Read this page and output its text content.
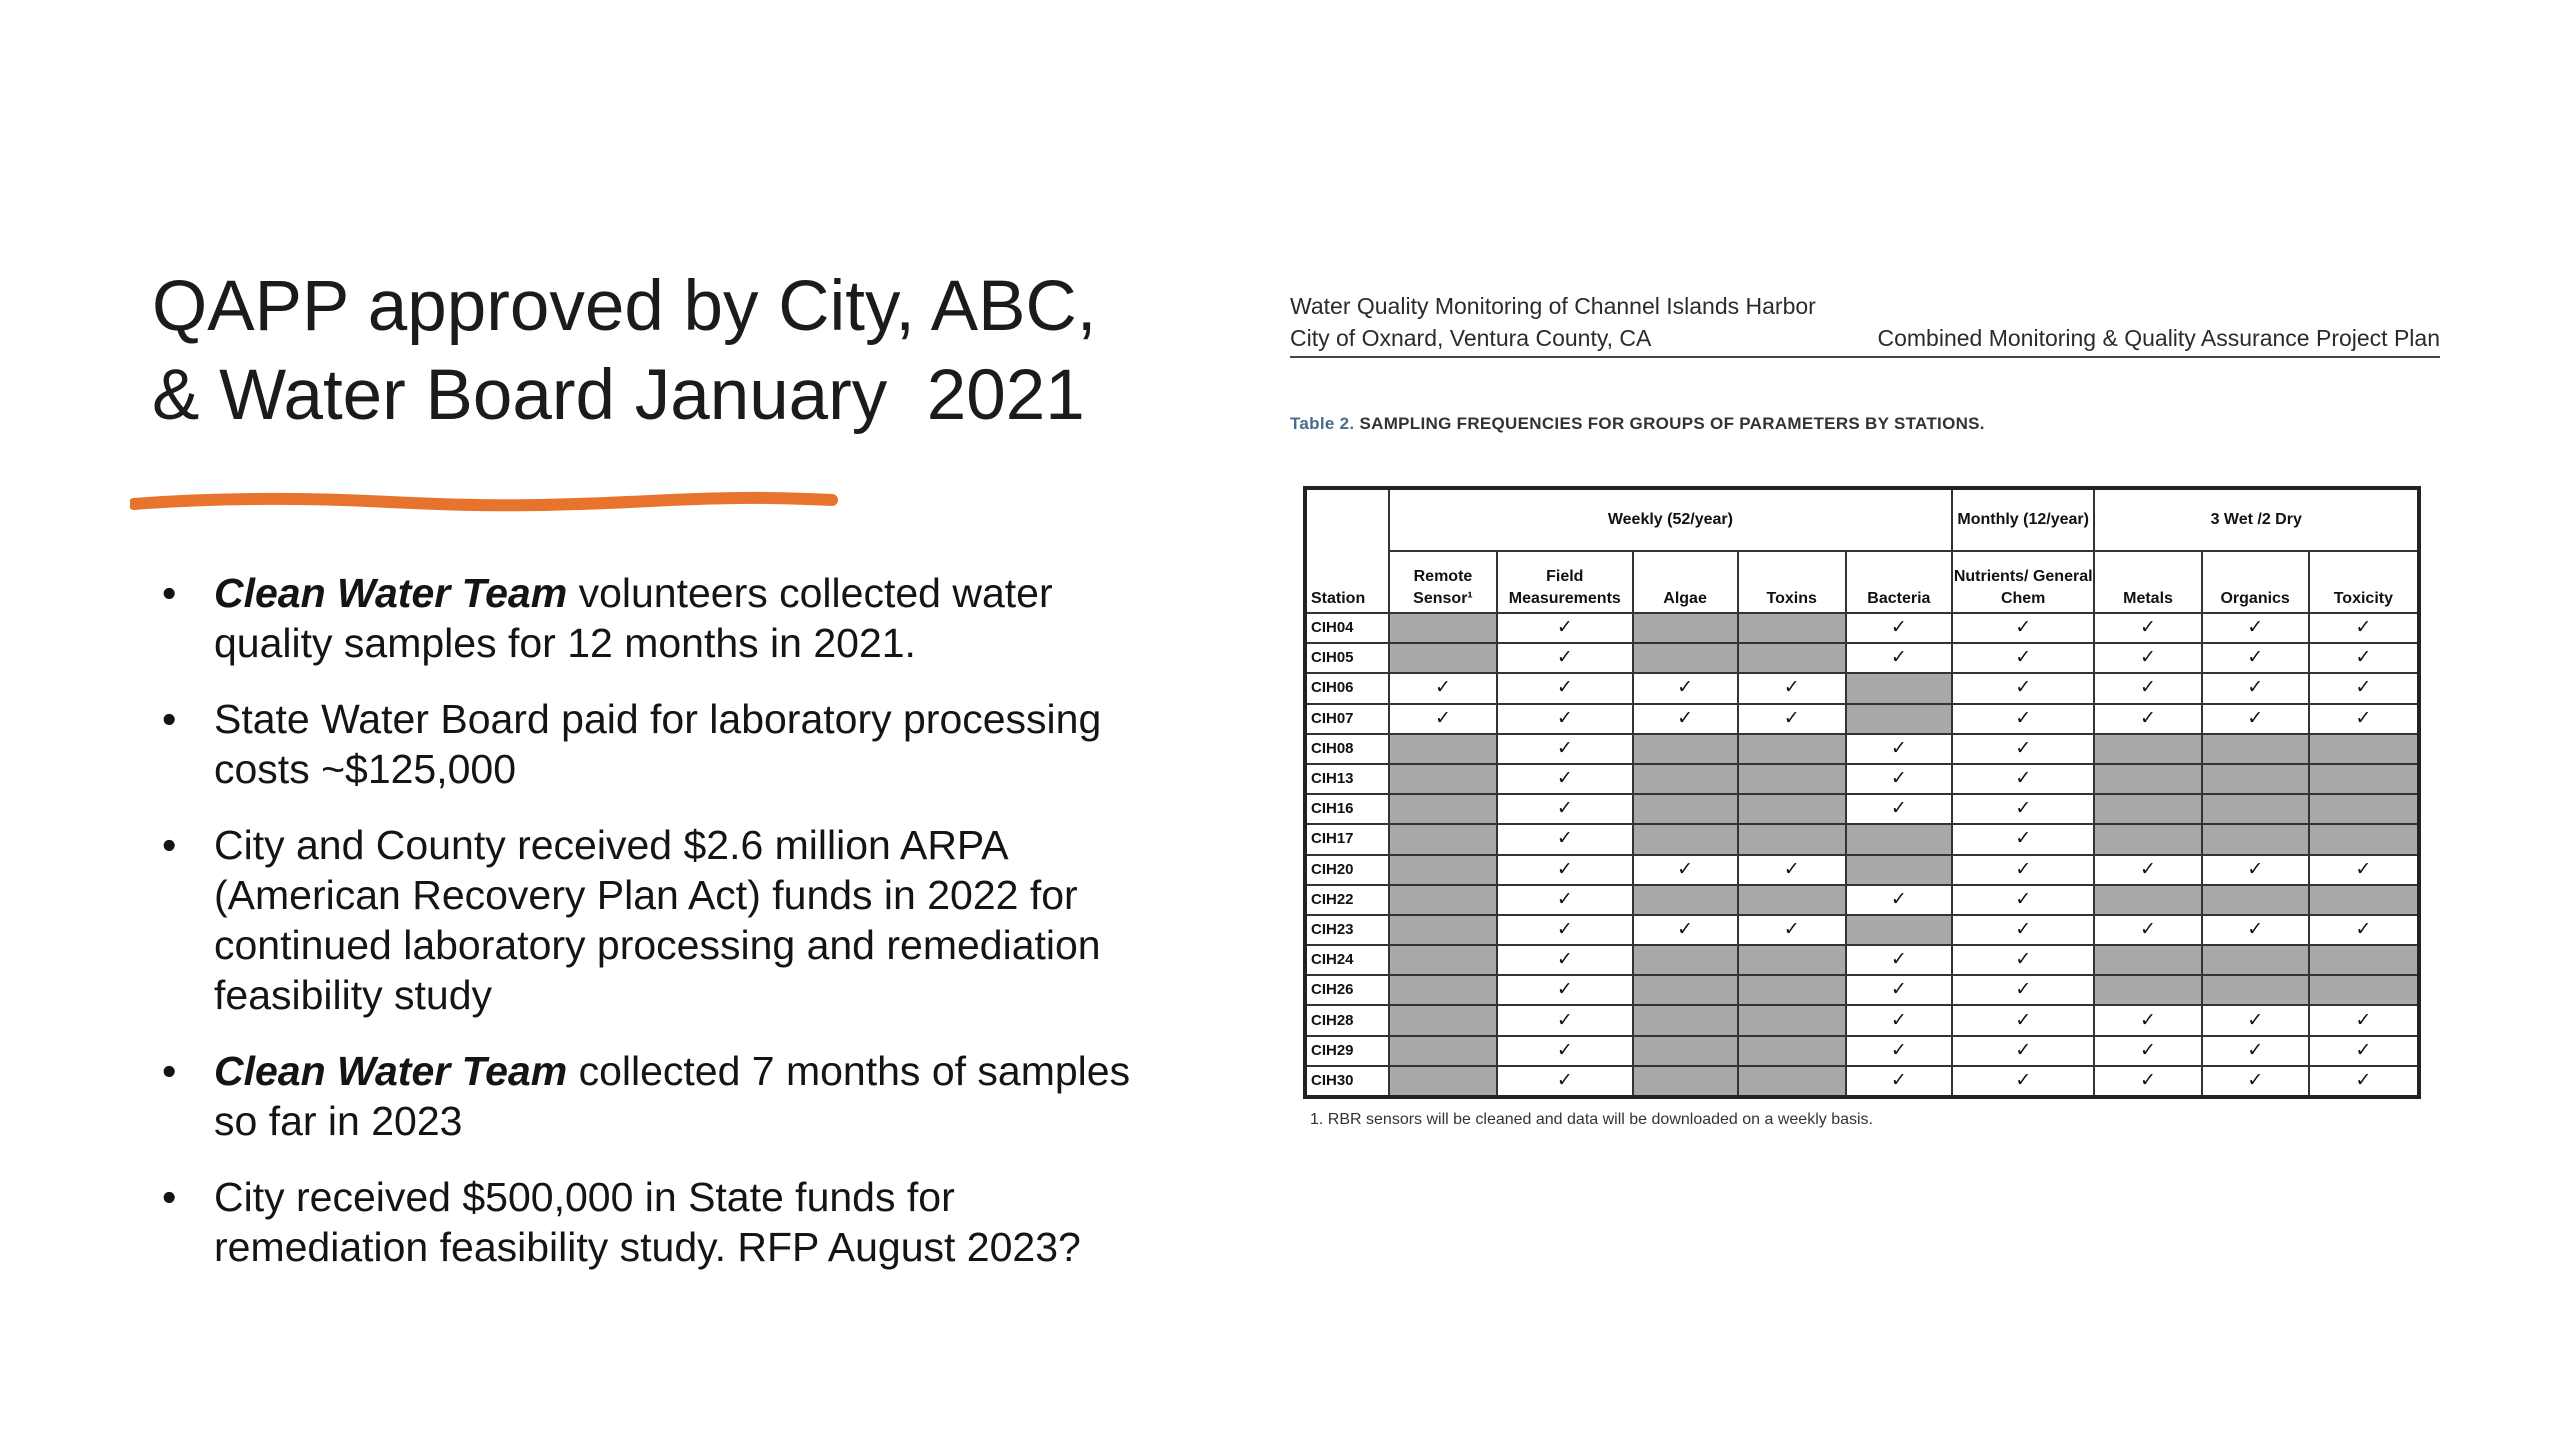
QAPP approved by City, ABC,
& Water Board January  2021
• Clean Water Team volunteers collected water quality samples for 12 months in 2021.
• State Water Board paid for laboratory processing costs ~$125,000
• City and County received $2.6 million ARPA (American Recovery Plan Act) funds in 2022 for continued laboratory processing and remediation feasibility study
• Clean Water Team collected 7 months of samples so far in 2023
• City received $500,000 in State funds for remediation feasibility study. RFP August 2023?
Water Quality Monitoring of Channel Islands Harbor
City of Oxnard, Ventura County, CA	Combined Monitoring & Quality Assurance Project Plan
Table 2. SAMPLING FREQUENCIES FOR GROUPS OF PARAMETERS BY STATIONS.
	Weekly (52/year)					Monthly (12/year)	3 Wet /2 Dry		
Station	Remote Sensor¹	Field Measurements	Algae	Toxins	Bacteria	Nutrients/ General Chem	Metals	Organics	Toxicity
CIH04		✓			✓	✓	✓	✓	✓
CIH05		✓			✓	✓	✓	✓	✓
CIH06	✓	✓	✓	✓		✓	✓	✓	✓
CIH07	✓	✓	✓	✓		✓	✓	✓	✓
CIH08		✓			✓	✓			
CIH13		✓			✓	✓			
CIH16		✓			✓	✓			
CIH17		✓				✓			
CIH20		✓	✓	✓		✓	✓	✓	✓
CIH22		✓			✓	✓			
CIH23		✓	✓	✓		✓	✓	✓	✓
CIH24		✓			✓	✓			
CIH26		✓			✓	✓			
CIH28		✓			✓	✓	✓	✓	✓
CIH29		✓			✓	✓	✓	✓	✓
CIH30		✓			✓	✓	✓	✓	✓
1. RBR sensors will be cleaned and data will be downloaded on a weekly basis.
